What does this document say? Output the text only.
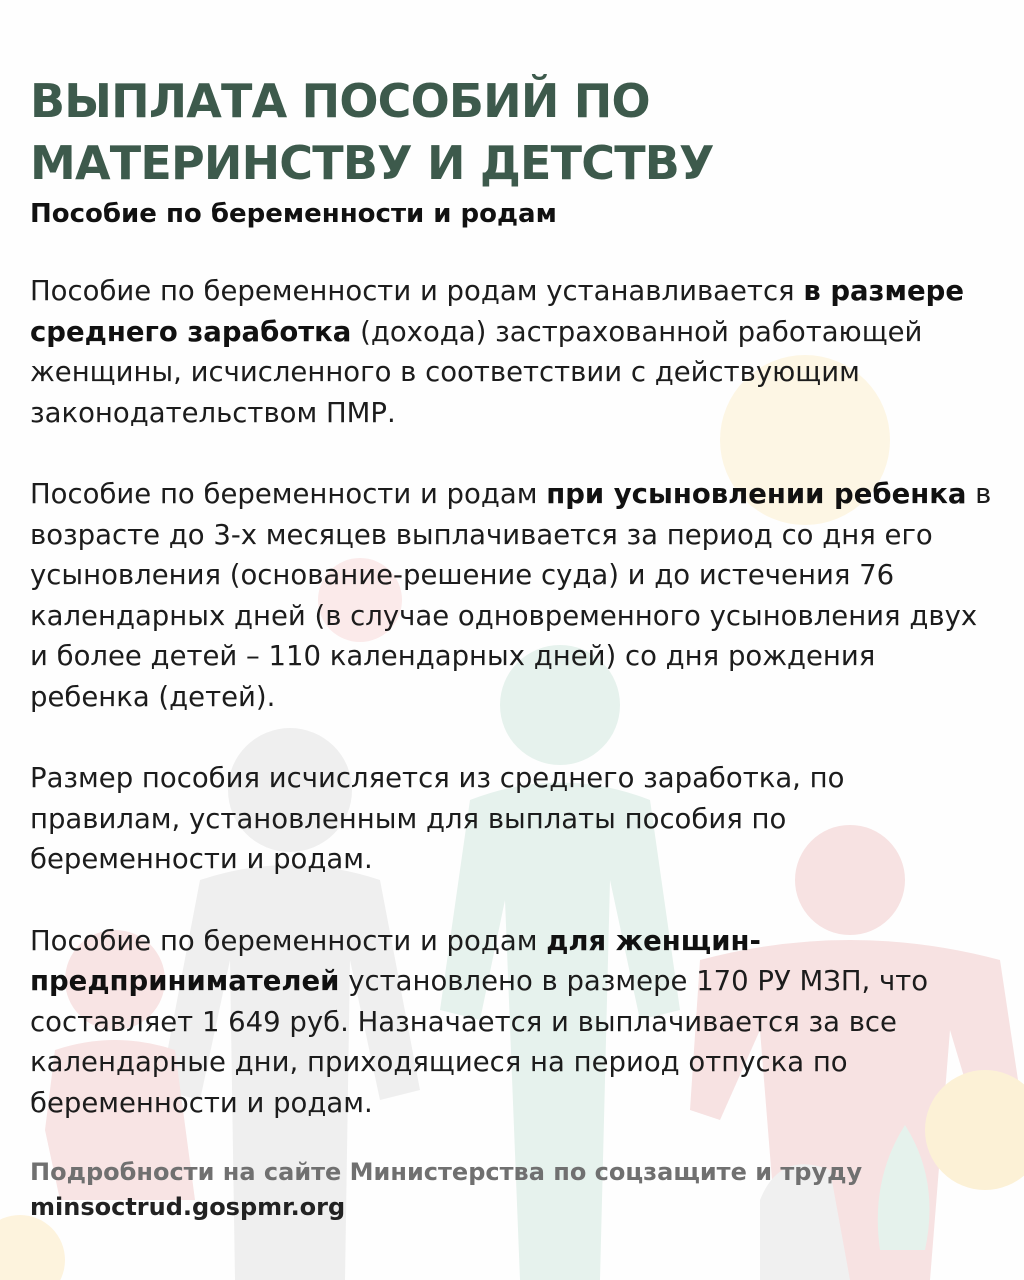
ВЫПЛАТА ПОСОБИЙ ПО
МАТЕРИНСТВУ И ДЕТСТВУ
Пособие по беременности и родам

Пособие по беременности и родам устанавливается в размере среднего заработка (дохода) застрахованной работающей женщины, исчисленного в соответствии с действующим законодательством ПМР.

Пособие по беременности и родам при усыновлении ребенка в возрасте до 3-х месяцев выплачивается за период со дня его усыновления (основание-решение суда) и до истечения 76 календарных дней (в случае одновременного усыновления двух и более детей – 110 календарных дней) со дня рождения ребенка (детей).

Размер пособия исчисляется из среднего заработка, по правилам, установленным для выплаты пособия по беременности и родам.

Пособие по беременности и родам для женщин-предпринимателей установлено в размере 170 РУ МЗП, что составляет 1 649 руб. Назначается и выплачивается за все календарные дни, приходящиеся на период отпуска по беременности и родам.

Подробности на сайте Министерства по соцзащите и труду

minsoctrud.gospmr.org
